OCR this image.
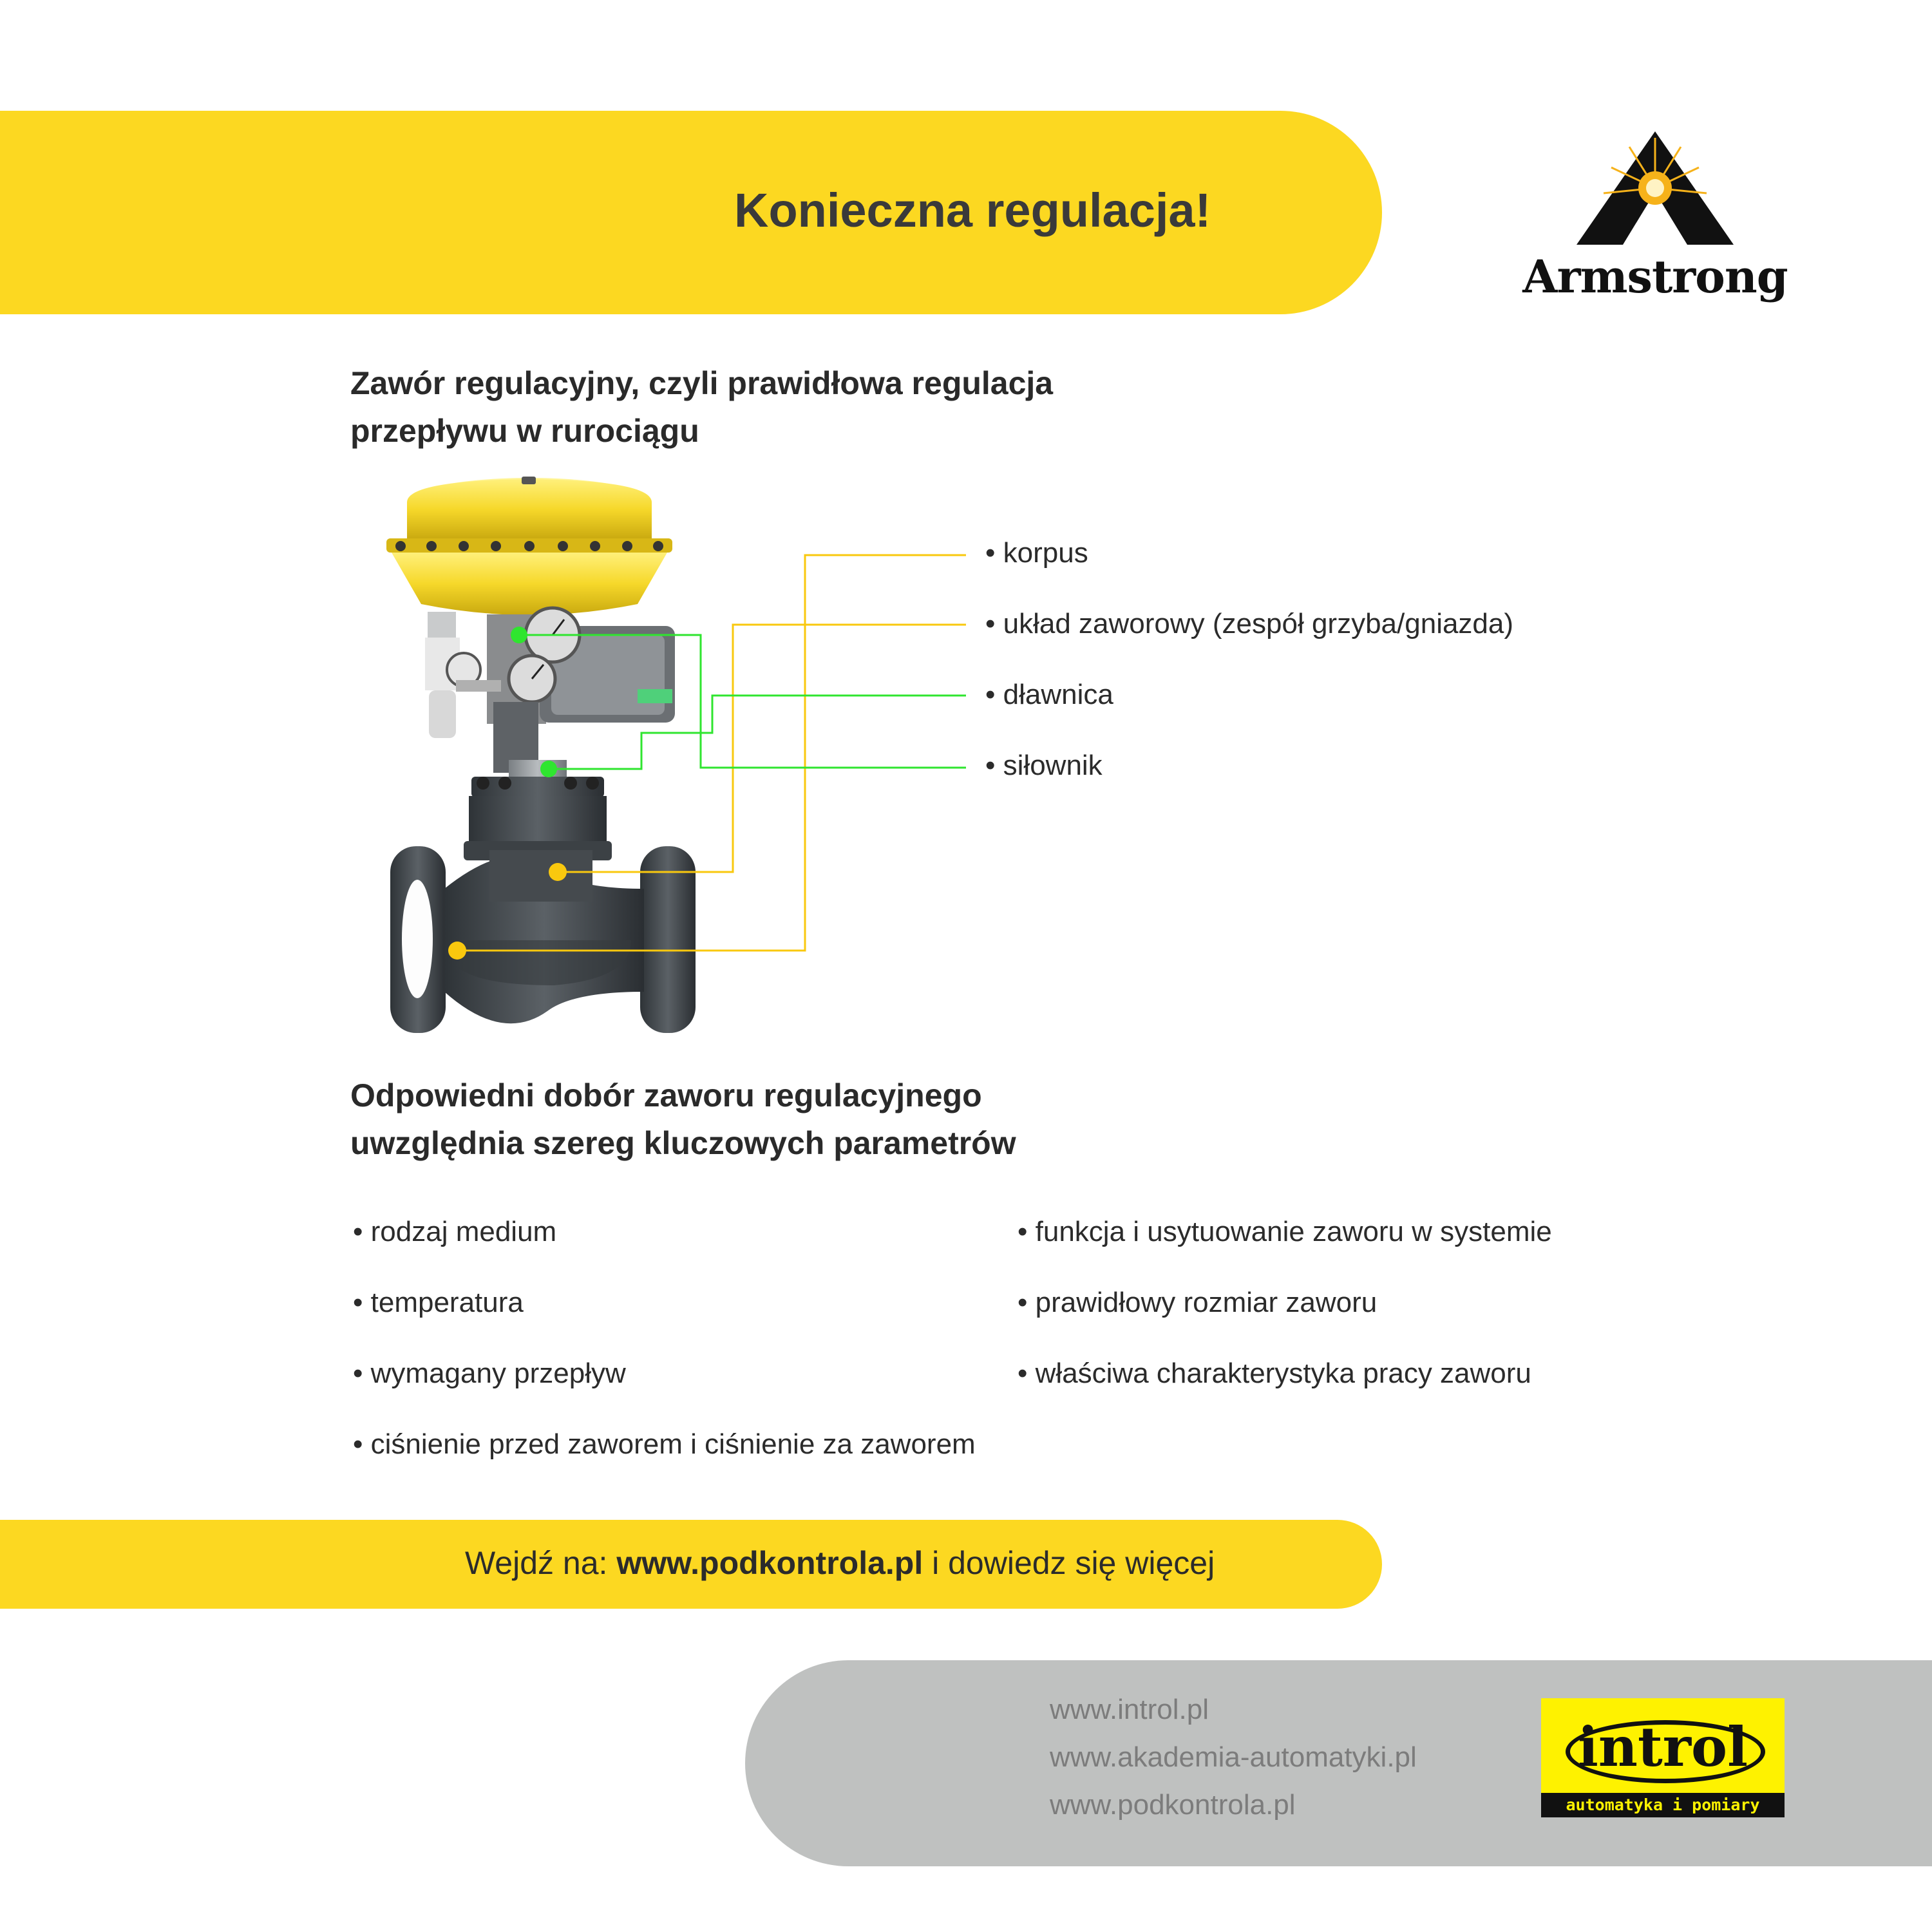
Konieczna regulacja!
Armstrong
Zawór regulacyjny, czyli prawidłowa regulacja
przepływu w rurociągu
• korpus
• układ zaworowy (zespół grzyba/gniazda)
• dławnica
• siłownik
Odpowiedni dobór zaworu regulacyjnego
uwzględnia szereg kluczowych parametrów
• rodzaj medium
• temperatura
• wymagany przepływ
• ciśnienie przed zaworem i ciśnienie za zaworem
• funkcja i usytuowanie zaworu w systemie
• prawidłowy rozmiar zaworu
• właściwa charakterystyka pracy zaworu
Wejdź na: www.podkontrola.pl i dowiedz się więcej
www.introl.pl
www.akademia-automatyki.pl
www.podkontrola.pl
introl
automatyka i pomiary
